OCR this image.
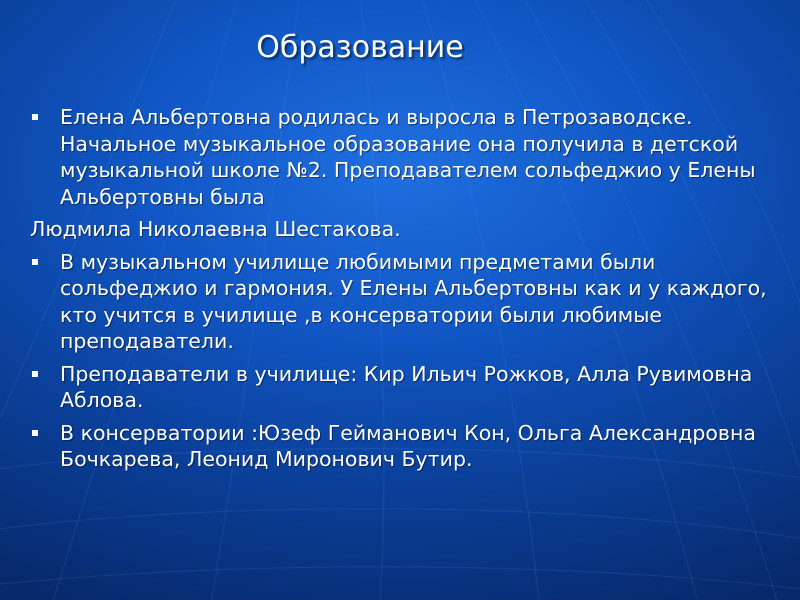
Образование
Елена Альбертовна родилась и выросла в Петрозаводске. Начальное музыкальное образование она получила в детской музыкальной школе №2. Преподавателем сольфеджио у Елены Альбертовны была
Людмила Николаевна Шестакова.
В музыкальном училище любимыми предметами были сольфеджио и гармония. У Елены Альбертовны как и у каждого, кто учится в училище ,в консерватории были любимые преподаватели.
Преподаватели в училище: Кир Ильич Рожков, Алла Рувимовна Аблова.
В консерватории :Юзеф Гейманович Кон, Ольга Александровна Бочкарева, Леонид Миронович Бутир.
